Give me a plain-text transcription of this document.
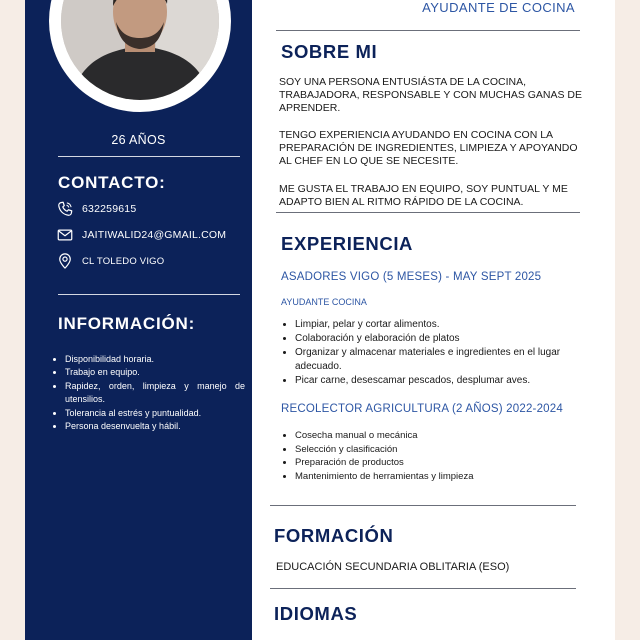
26 AÑOS
CONTACTO:
632259615
JAITIWALID24@GMAIL.COM
CL TOLEDO VIGO
INFORMACIÓN:
• Disponibilidad horaria.
• Trabajo en equipo.
• Rapidez, orden, limpieza y manejo de utensilios.
• Tolerancia al estrés y puntualidad.
• Persona desenvuelta y hábil.
AYUDANTE DE COCINA
SOBRE MI
SOY UNA PERSONA ENTUSIÁSTA DE LA COCINA, TRABAJADORA, RESPONSABLE Y CON MUCHAS GANAS DE APRENDER.
TENGO EXPERIENCIA AYUDANDO EN COCINA CON LA PREPARACIÓN DE INGREDIENTES, LIMPIEZA Y APOYANDO AL CHEF EN LO QUE SE NECESITE.
ME GUSTA EL TRABAJO EN EQUIPO, SOY PUNTUAL Y ME ADAPTO BIEN AL RITMO RÁPIDO DE LA COCINA.
EXPERIENCIA
ASADORES VIGO (5 MESES) - MAY SEPT 2025
AYUDANTE COCINA
• Limpiar, pelar y cortar alimentos.
• Colaboración y elaboración de platos
• Organizar y almacenar materiales e ingredientes en el lugar adecuado.
• Picar carne, desescamar pescados, desplumar aves.
RECOLECTOR AGRICULTURA (2 AÑOS) 2022-2024
• Cosecha manual o mecánica
• Selección y clasificación
• Preparación de productos
• Mantenimiento de herramientas y limpieza
FORMACIÓN
EDUCACIÓN SECUNDARIA OBLITARIA (ESO)
IDIOMAS
